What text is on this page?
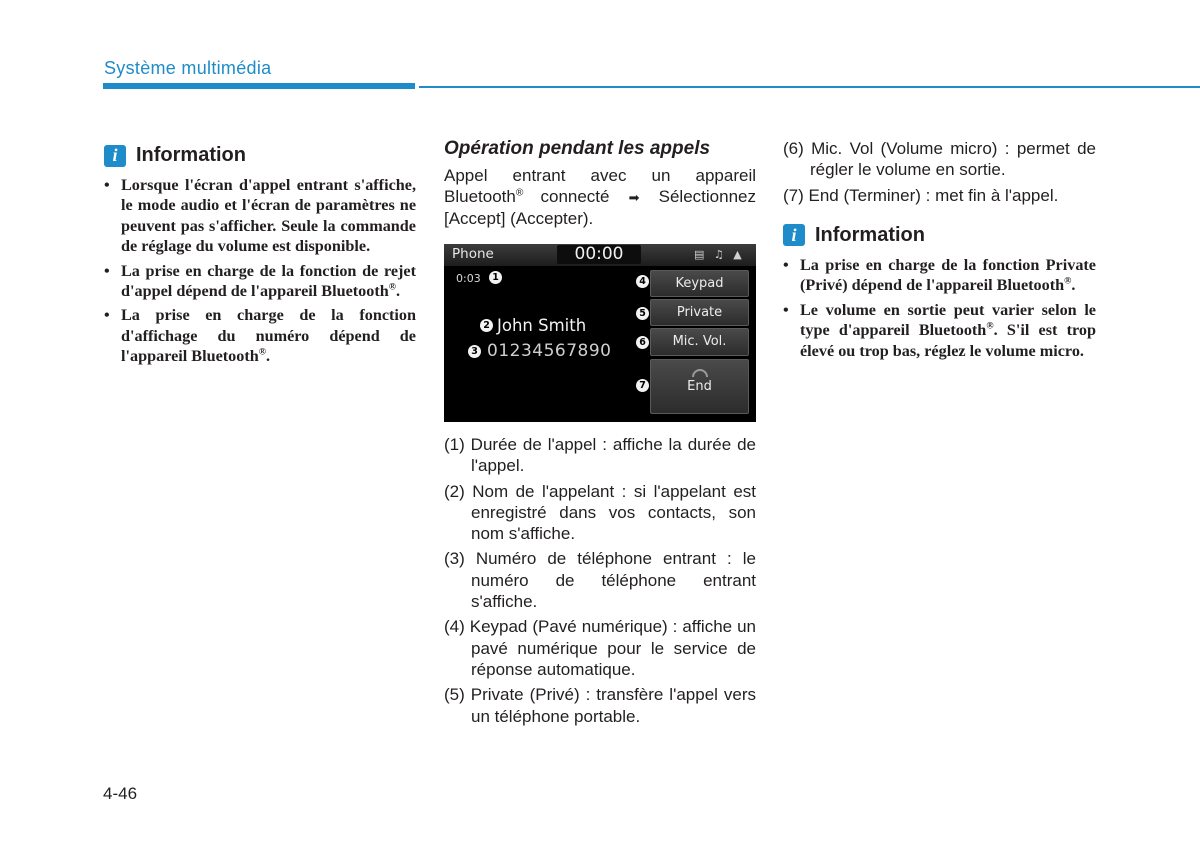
Système multimédia
i Information
• Lorsque l'écran d'appel entrant s'affiche, le mode audio et l'écran de paramètres ne peuvent pas s'afficher. Seule la commande de réglage du volume est disponible.
• La prise en charge de la fonction de rejet d'appel dépend de l'appareil Bluetooth®.
• La prise en charge de la fonction d'affichage du numéro dépend de l'appareil Bluetooth®.
Opération pendant les appels

Appel entrant avec un appareil Bluetooth® connecté ➡ Sélectionnez [Accept] (Accepter).

Phone	00:00	▤ ♫ ▲
0:03	1
2 John Smith
3 01234567890
4	Keypad
5	Private
6	Mic. Vol.
7	End
(1) Durée de l'appel : affiche la durée de l'appel.
(2) Nom de l'appelant : si l'appelant est enregistré dans vos contacts, son nom s'affiche.
(3) Numéro de téléphone entrant : le numéro de téléphone entrant s'affiche.
(4) Keypad (Pavé numérique) : affiche un pavé numérique pour le service de réponse automatique.
(5) Private (Privé) : transfère l'appel vers un téléphone portable.
(6) Mic. Vol (Volume micro) : permet de régler le volume en sortie.
(7) End (Terminer) : met fin à l'appel.
i Information
• La prise en charge de la fonction Private (Privé) dépend de l'appareil Bluetooth®.
• Le volume en sortie peut varier selon le type d'appareil Bluetooth®. S'il est trop élevé ou trop bas, réglez le volume micro.
4-46
